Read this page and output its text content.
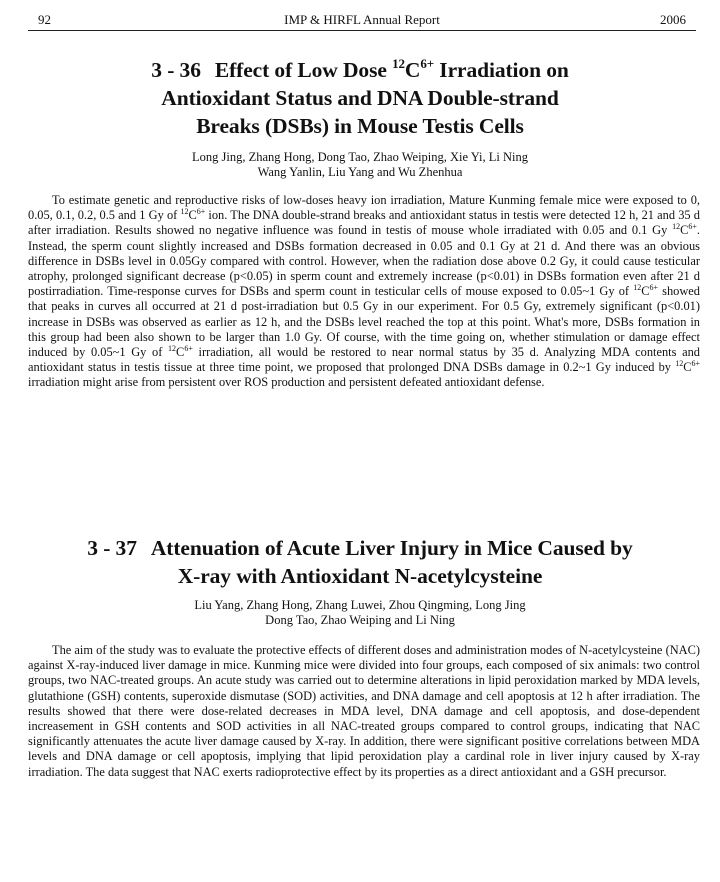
92	IMP & HIRFL Annual Report	2006
3 - 36 Effect of Low Dose $^{12}C^{6+}$ Irradiation on
Antioxidant Status and DNA Double-strand
Breaks (DSBs) in Mouse Testis Cells
Long Jing, Zhang Hong, Dong Tao, Zhao Weiping, Xie Yi, Li Ning
Wang Yanlin, Liu Yang and Wu Zhenhua

To estimate genetic and reproductive risks of low-doses heavy ion irradiation, Mature Kunming female mice were exposed to 0, 0.05, 0.1, 0.2, 0.5 and 1 Gy of $^{12}C^{6+}$ ion. The DNA double-strand breaks and antioxidant status in testis were detected 12 h, 21 and 35 d after irradiation. Results showed no negative influence was found in testis of mouse whole irradiated with 0.05 and 0.1 Gy $^{12}C^{6+}$. Instead, the sperm count slightly increased and DSBs formation decreased in 0.05 and 0.1 Gy at 21 d. And there was an obvious difference in DSBs level in 0.05Gy compared with control. However, when the radiation dose above 0.2 Gy, it could cause testicular atrophy, prolonged significant decrease (p<0.05) in sperm count and extremely increase (p<0.01) in DSBs formation even after 21 d postirradiation. Time-response curves for DSBs and sperm count in testicular cells of mouse exposed to 0.05~1 Gy of $^{12}C^{6+}$ showed that peaks in curves all occurred at 21 d post-irradiation but 0.5 Gy in our experiment. For 0.5 Gy, extremely significant (p<0.01) increase in DSBs was observed as earlier as 12 h, and the DSBs level reached the top at this point. What's more, DSBs formation in this group had been also shown to be larger than 1.0 Gy. Of course, with the time going on, whether stimulation or damage effect induced by 0.05~1 Gy of $^{12}C^{6+}$ irradiation, all would be restored to near normal status by 35 d. Analyzing MDA contents and antioxidant status in testis tissue at three time point, we proposed that prolonged DNA DSBs damage in 0.2~1 Gy induced by $^{12}C^{6+}$ irradiation might arise from persistent over ROS production and persistent defeated antioxidant defense.

3 - 37 Attenuation of Acute Liver Injury in Mice Caused by
X-ray with Antioxidant N-acetylcysteine
Liu Yang, Zhang Hong, Zhang Luwei, Zhou Qingming, Long Jing
Dong Tao, Zhao Weiping and Li Ning

The aim of the study was to evaluate the protective effects of different doses and administration modes of N-acetylcysteine (NAC) against X-ray-induced liver damage in mice. Kunming mice were divided into four groups, each composed of six animals: two control groups, two NAC-treated groups. An acute study was carried out to determine alterations in lipid peroxidation marked by MDA levels, glutathione (GSH) contents, superoxide dismutase (SOD) activities, and DNA damage and cell apoptosis at 12 h after irradiation. The results showed that there were dose-related decreases in MDA level, DNA damage and cell apoptosis, and dose-dependent increasement in GSH contents and SOD activities in all NAC-treated groups compared to control groups, indicating that NAC significantly attenuates the acute liver damage caused by X-ray. In addition, there were significant positive correlations between MDA levels and DNA damage or cell apoptosis, implying that lipid peroxidation play a cardinal role in liver injury caused by X-ray irradiation. The data suggest that NAC exerts radioprotective effect by its properties as a direct antioxidant and a GSH precursor.
